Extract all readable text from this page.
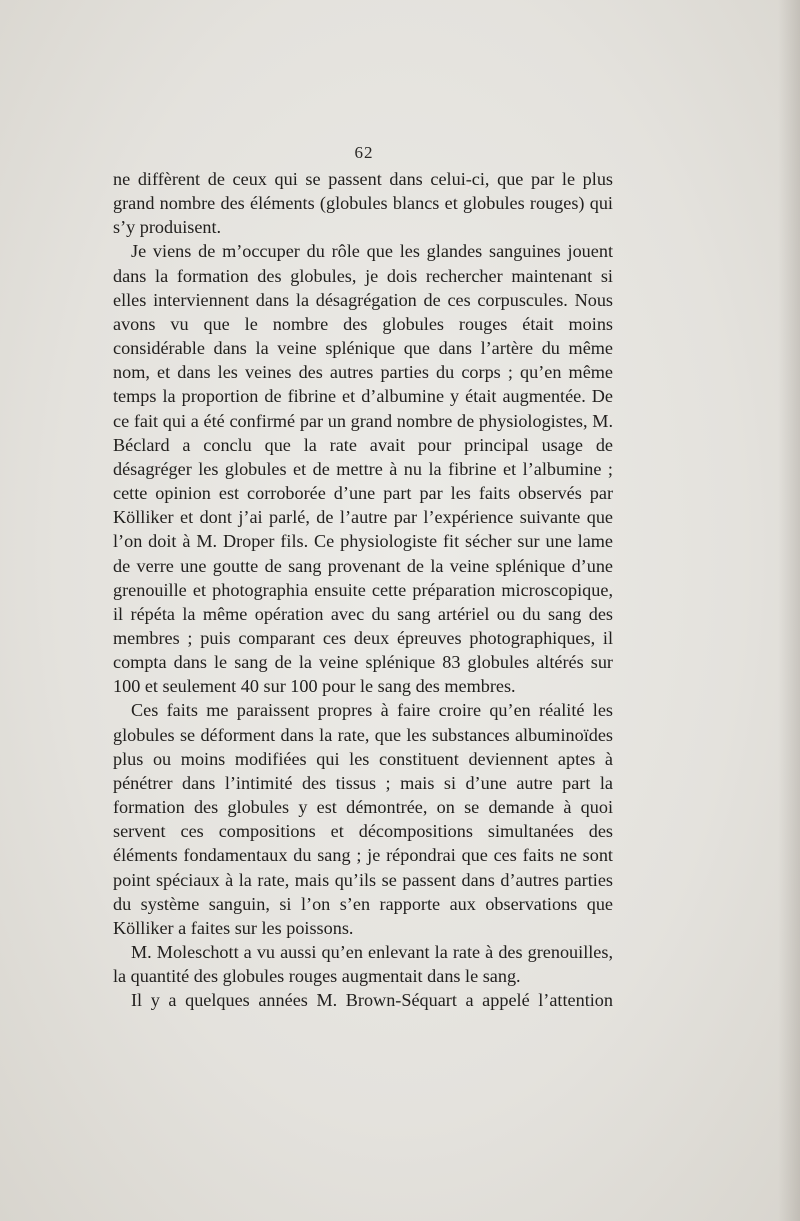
62

ne diffèrent de ceux qui se passent dans celui-ci, que par le plus grand nombre des éléments (globules blancs et globules rouges) qui s’y produisent.

Je viens de m’occuper du rôle que les glandes sanguines jouent dans la formation des globules, je dois rechercher maintenant si elles interviennent dans la désagrégation de ces corpuscules. Nous avons vu que le nombre des globules rouges était moins considérable dans la veine splénique que dans l’artère du même nom, et dans les veines des autres parties du corps ; qu’en même temps la proportion de fibrine et d’albumine y était augmentée. De ce fait qui a été confirmé par un grand nombre de physiologistes, M. Béclard a conclu que la rate avait pour principal usage de désagréger les globules et de mettre à nu la fibrine et l’albumine ; cette opinion est corroborée d’une part par les faits observés par Kölliker et dont j’ai parlé, de l’autre par l’expérience suivante que l’on doit à M. Droper fils. Ce physiologiste fit sécher sur une lame de verre une goutte de sang provenant de la veine splénique d’une grenouille et photographia ensuite cette préparation microscopique, il répéta la même opération avec du sang artériel ou du sang des membres ; puis comparant ces deux épreuves photographiques, il compta dans le sang de la veine splénique 83 globules altérés sur 100 et seulement 40 sur 100 pour le sang des membres.

Ces faits me paraissent propres à faire croire qu’en réalité les globules se déforment dans la rate, que les substances albuminoïdes plus ou moins modifiées qui les constituent deviennent aptes à pénétrer dans l’intimité des tissus ; mais si d’une autre part la formation des globules y est démontrée, on se demande à quoi servent ces compositions et décompositions simultanées des éléments fondamentaux du sang ; je répondrai que ces faits ne sont point spéciaux à la rate, mais qu’ils se passent dans d’autres parties du système sanguin, si l’on s’en rapporte aux observations que Kölliker a faites sur les poissons.

M. Moleschott a vu aussi qu’en enlevant la rate à des grenouilles, la quantité des globules rouges augmentait dans le sang.

Il y a quelques années M. Brown-Séquart a appelé l’attention
